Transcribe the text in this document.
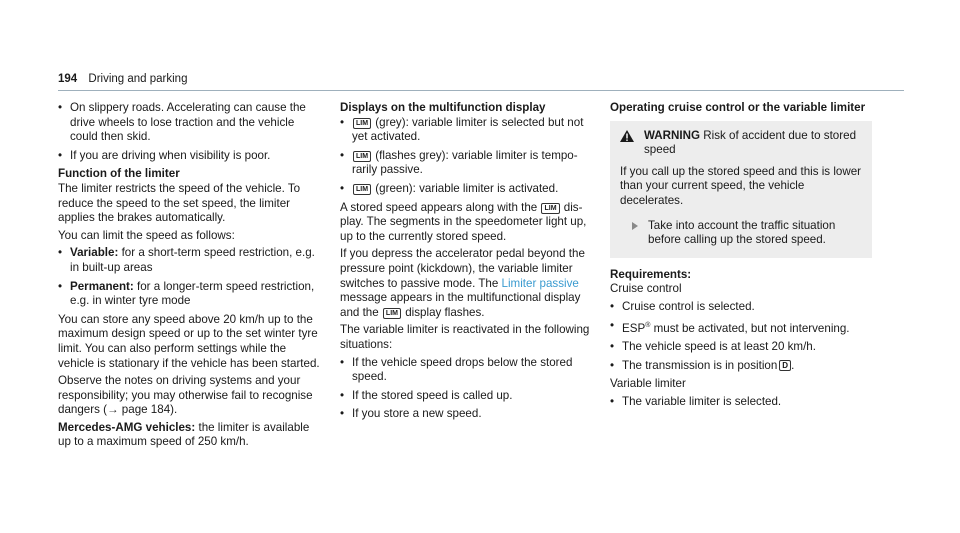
194 Driving and parking
• On slippery roads. Accelerating can cause the drive wheels to lose traction and the vehicle could then skid.
• If you are driving when visibility is poor.

Function of the limiter

The limiter restricts the speed of the vehicle. To reduce the speed to the set speed, the limiter applies the brakes automatically.

You can limit the speed as follows:

• Variable: for a short-term speed restriction, e.g. in built-up areas
• Permanent: for a longer-term speed restriction, e.g. in winter tyre mode

You can store any speed above 20 km/h up to the maximum design speed or up to the set winter tyre limit. You can also perform settings while the vehicle is stationary if the vehicle has been started.

Observe the notes on driving systems and your responsibility; you may otherwise fail to recognise dangers (→ page 184).

Mercedes-AMG vehicles: the limiter is available up to a maximum speed of 250 km/h.

Displays on the multifunction display

• LIM (grey): variable limiter is selected but not yet activated.
• LIM (flashes grey): variable limiter is temporarily passive.
• LIM (green): variable limiter is activated.

A stored speed appears along with the LIM display. The segments in the speedometer light up, up to the currently stored speed.

If you depress the accelerator pedal beyond the pressure point (kickdown), the variable limiter switches to passive mode. The Limiter passive message appears in the multifunctional display and the LIM display flashes.

The variable limiter is reactivated in the following situations:

• If the vehicle speed drops below the stored speed.
• If the stored speed is called up.
• If you store a new speed.

Operating cruise control or the variable limiter

WARNING Risk of accident due to stored speed

If you call up the stored speed and this is lower than your current speed, the vehicle decelerates.

Take into account the traffic situation before calling up the stored speed.

Requirements:

Cruise control

• Cruise control is selected.
• ESP® must be activated, but not intervening.
• The vehicle speed is at least 20 km/h.
• The transmission is in position D .

Variable limiter

• The variable limiter is selected.
